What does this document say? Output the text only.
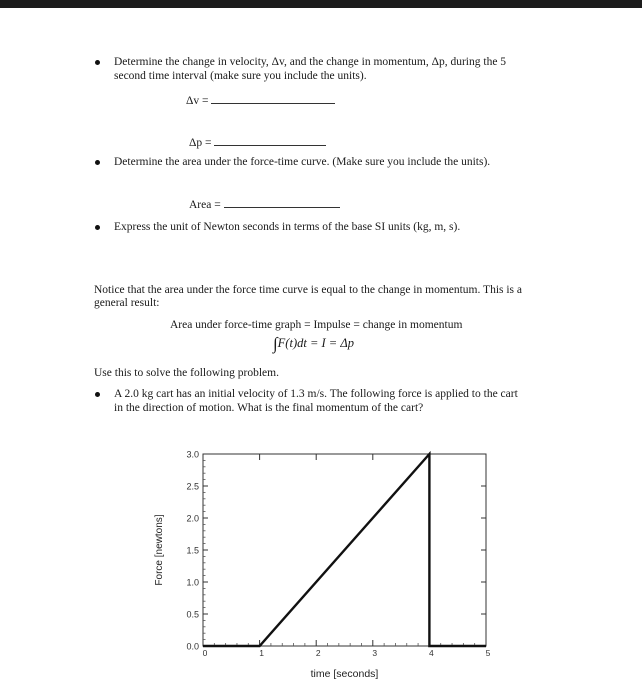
Determine the change in velocity, Δv, and the change in momentum, Δp, during the 5
second time interval (make sure you include the units).
Δv =
Δp =
Determine the area under the force-time curve. (Make sure you include the units).
Area =
Express the unit of Newton seconds in terms of the base SI units (kg, m, s).
Notice that the area under the force time curve is equal to the change in momentum. This is a
general result:
Area under force-time graph = Impulse = change in momentum
∫F(t)dt = I = Δp
Use this to solve the following problem.
A 2.0 kg cart has an initial velocity of 1.3 m/s. The following force is applied to the cart
in the direction of motion. What is the final momentum of the cart?
0.0
0.5
1.0
1.5
2.0
2.5
3.0
0	1	2	3	4	5
time [seconds]
Force [newtons]
